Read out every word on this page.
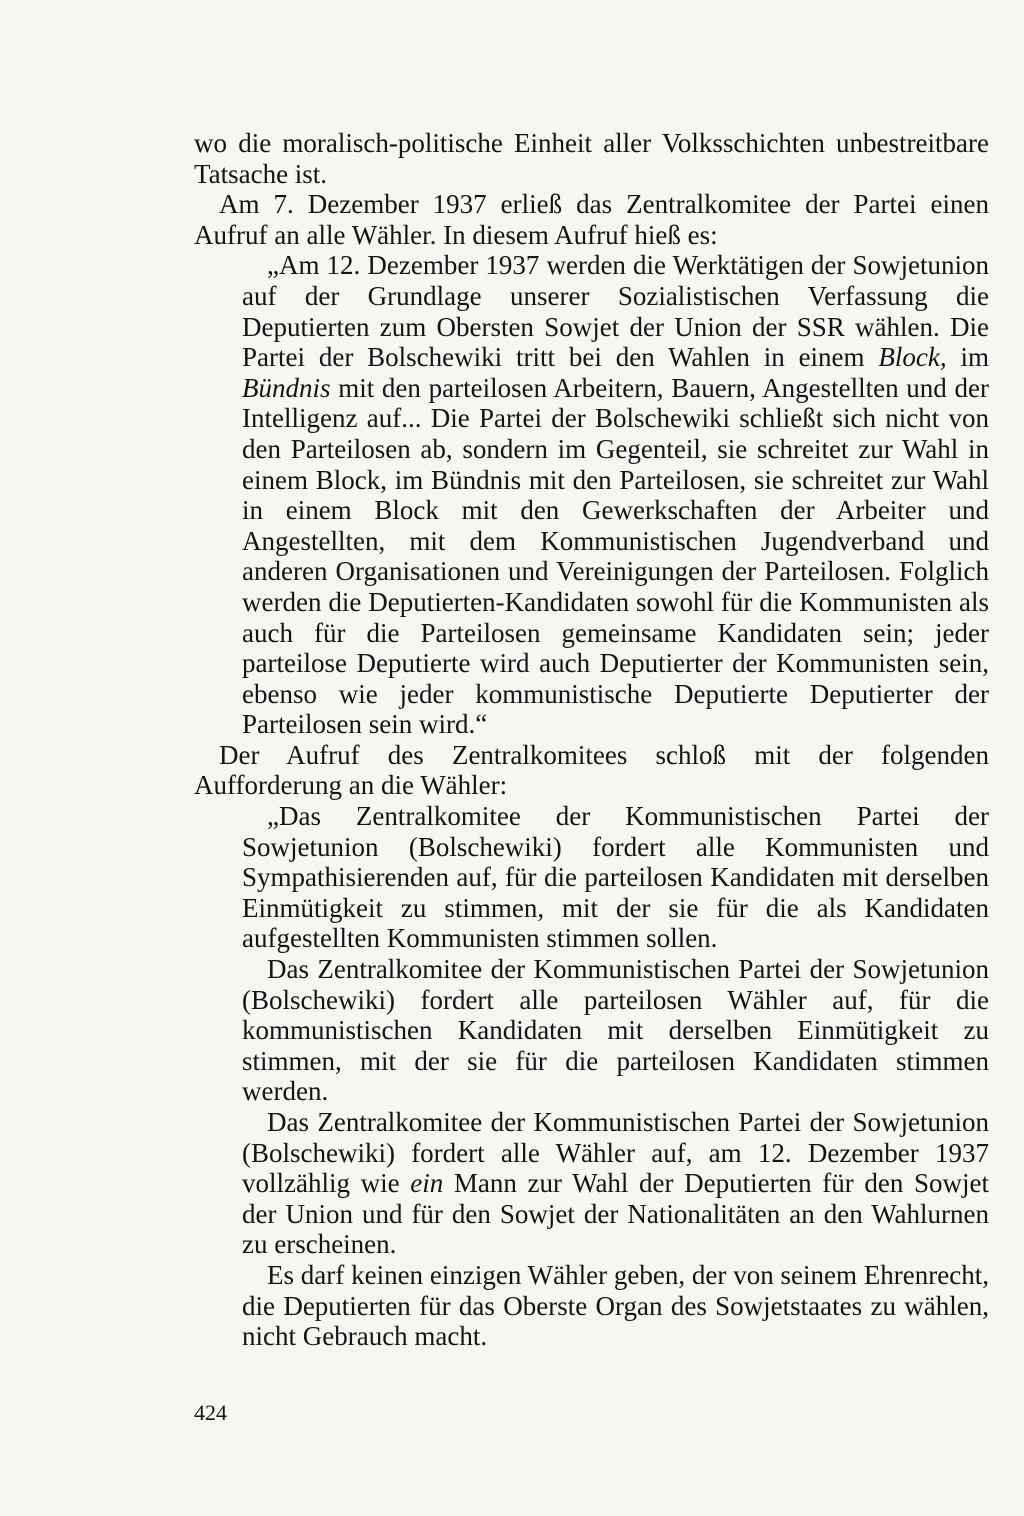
wo die moralisch-politische Einheit aller Volksschichten unbestreitbare Tatsache ist.

Am 7. Dezember 1937 erließ das Zentralkomitee der Partei einen Aufruf an alle Wähler. In diesem Aufruf hieß es:

„Am 12. Dezember 1937 werden die Werktätigen der Sowjetunion auf der Grundlage unserer Sozialistischen Verfassung die Deputierten zum Obersten Sowjet der Union der SSR wählen. Die Partei der Bolschewiki tritt bei den Wahlen in einem Block, im Bündnis mit den parteilosen Arbeitern, Bauern, Angestellten und der Intelligenz auf... Die Partei der Bolschewiki schließt sich nicht von den Parteilosen ab, sondern im Gegenteil, sie schreitet zur Wahl in einem Block, im Bündnis mit den Parteilosen, sie schreitet zur Wahl in einem Block mit den Gewerkschaften der Arbeiter und Angestellten, mit dem Kommunistischen Jugendverband und anderen Organisationen und Vereinigungen der Parteilosen. Folglich werden die Deputierten-Kandidaten sowohl für die Kommunisten als auch für die Parteilosen gemeinsame Kandidaten sein; jeder parteilose Deputierte wird auch Deputierter der Kommunisten sein, ebenso wie jeder kommunistische Deputierte Deputierter der Parteilosen sein wird.“

Der Aufruf des Zentralkomitees schloß mit der folgenden Aufforderung an die Wähler:

„Das Zentralkomitee der Kommunistischen Partei der Sowjetunion (Bolschewiki) fordert alle Kommunisten und Sympathisierenden auf, für die parteilosen Kandidaten mit derselben Einmütigkeit zu stimmen, mit der sie für die als Kandidaten aufgestellten Kommunisten stimmen sollen.

Das Zentralkomitee der Kommunistischen Partei der Sowjetunion (Bolschewiki) fordert alle parteilosen Wähler auf, für die kommunistischen Kandidaten mit derselben Einmütigkeit zu stimmen, mit der sie für die parteilosen Kandidaten stimmen werden.

Das Zentralkomitee der Kommunistischen Partei der Sowjetunion (Bolschewiki) fordert alle Wähler auf, am 12. Dezember 1937 vollzählig wie ein Mann zur Wahl der Deputierten für den Sowjet der Union und für den Sowjet der Nationalitäten an den Wahlurnen zu erscheinen.

Es darf keinen einzigen Wähler geben, der von seinem Ehrenrecht, die Deputierten für das Oberste Organ des Sowjetstaates zu wählen, nicht Gebrauch macht.

424
